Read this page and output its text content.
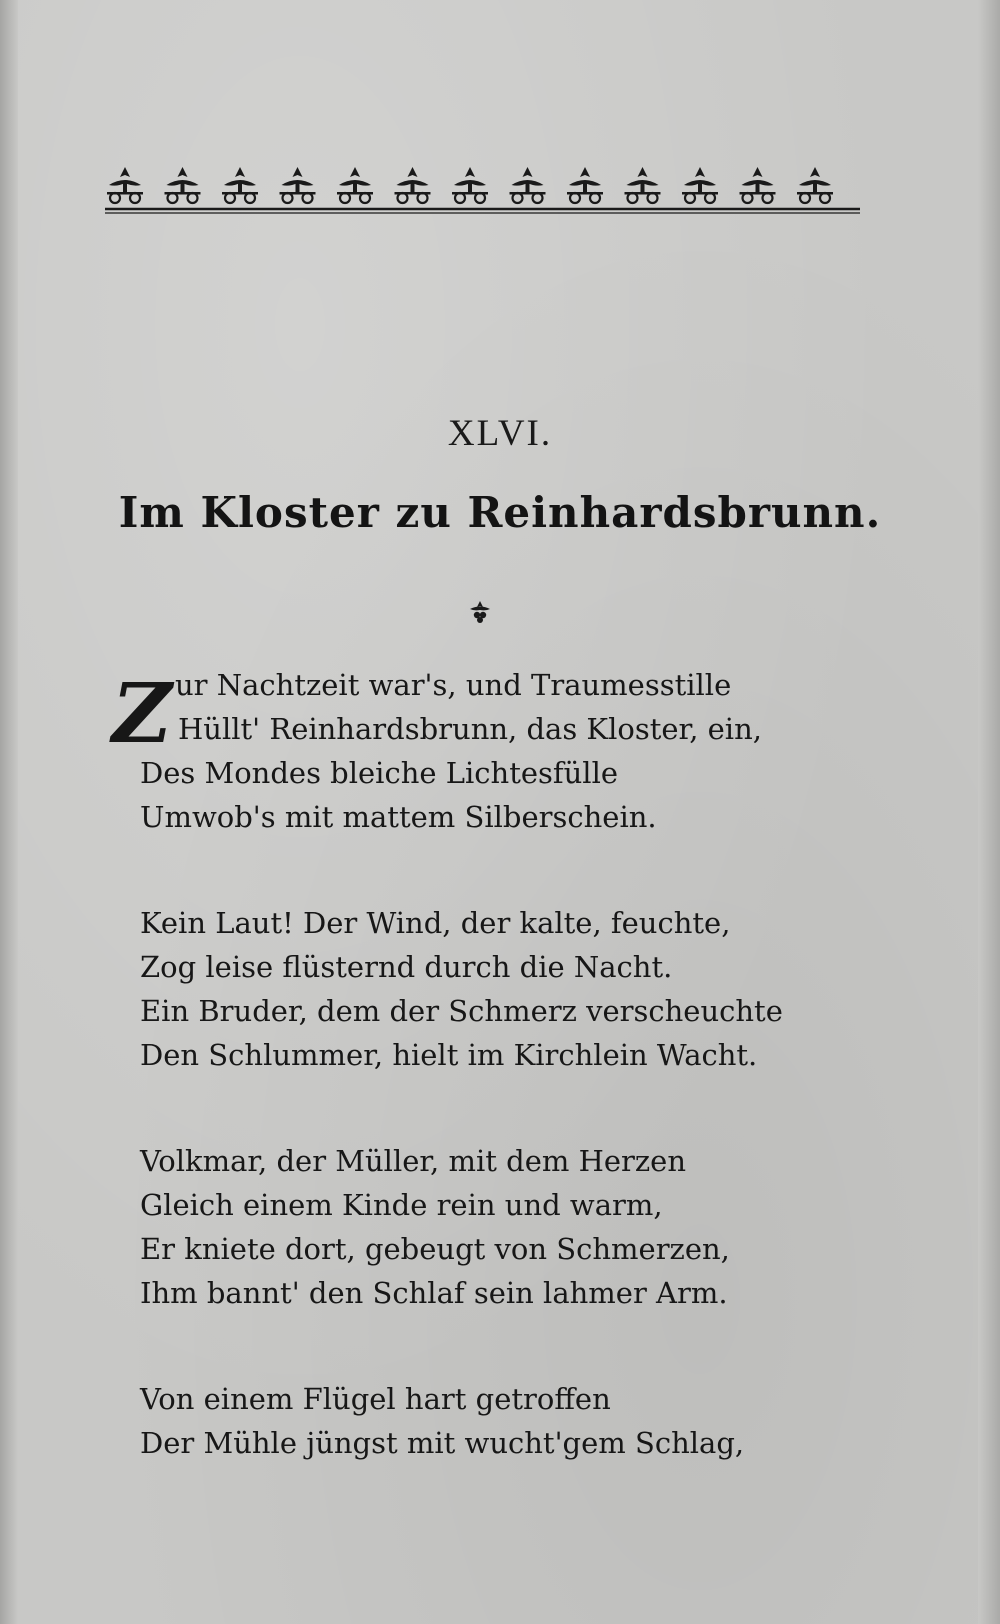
XLVI.
Im Kloster zu Reinhardsbrunn.
Z ur Nachtzeit war's, und Traumesstille
Hüllt' Reinhardsbrunn, das Kloster, ein,
Des Mondes bleiche Lichtesfülle
Umwob's mit mattem Silberschein.
Kein Laut! Der Wind, der kalte, feuchte,
Zog leise flüsternd durch die Nacht.
Ein Bruder, dem der Schmerz verscheuchte
Den Schlummer, hielt im Kirchlein Wacht.
Volkmar, der Müller, mit dem Herzen
Gleich einem Kinde rein und warm,
Er kniete dort, gebeugt von Schmerzen,
Ihm bannt' den Schlaf sein lahmer Arm.
Von einem Flügel hart getroffen
Der Mühle jüngst mit wucht'gem Schlag,
